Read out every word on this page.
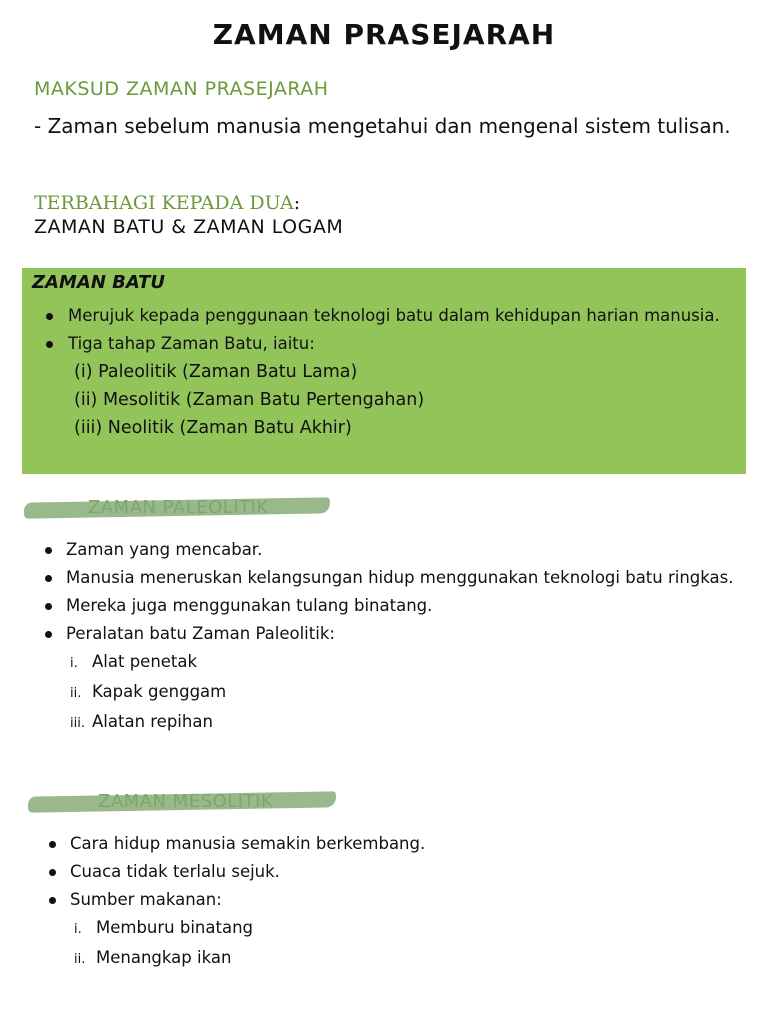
ZAMAN PRASEJARAH
MAKSUD ZAMAN PRASEJARAH
- Zaman sebelum manusia mengetahui dan mengenal sistem tulisan.
TERBAHAGI KEPADA DUA:
ZAMAN BATU & ZAMAN LOGAM
ZAMAN BATU
Merujuk kepada penggunaan teknologi batu dalam kehidupan harian manusia.
Tiga tahap Zaman Batu, iaitu:
(i) Paleolitik (Zaman Batu Lama)
(ii) Mesolitik (Zaman Batu Pertengahan)
(iii) Neolitik (Zaman Batu Akhir)
ZAMAN PALEOLITIK
Zaman yang mencabar.
Manusia meneruskan kelangsungan hidup menggunakan teknologi batu ringkas.
Mereka juga menggunakan tulang binatang.
Peralatan batu Zaman Paleolitik:
i. Alat penetak
ii. Kapak genggam
iii. Alatan repihan
ZAMAN MESOLITIK
Cara hidup manusia semakin berkembang.
Cuaca tidak terlalu sejuk.
Sumber makanan:
i. Memburu binatang
ii. Menangkap ikan
